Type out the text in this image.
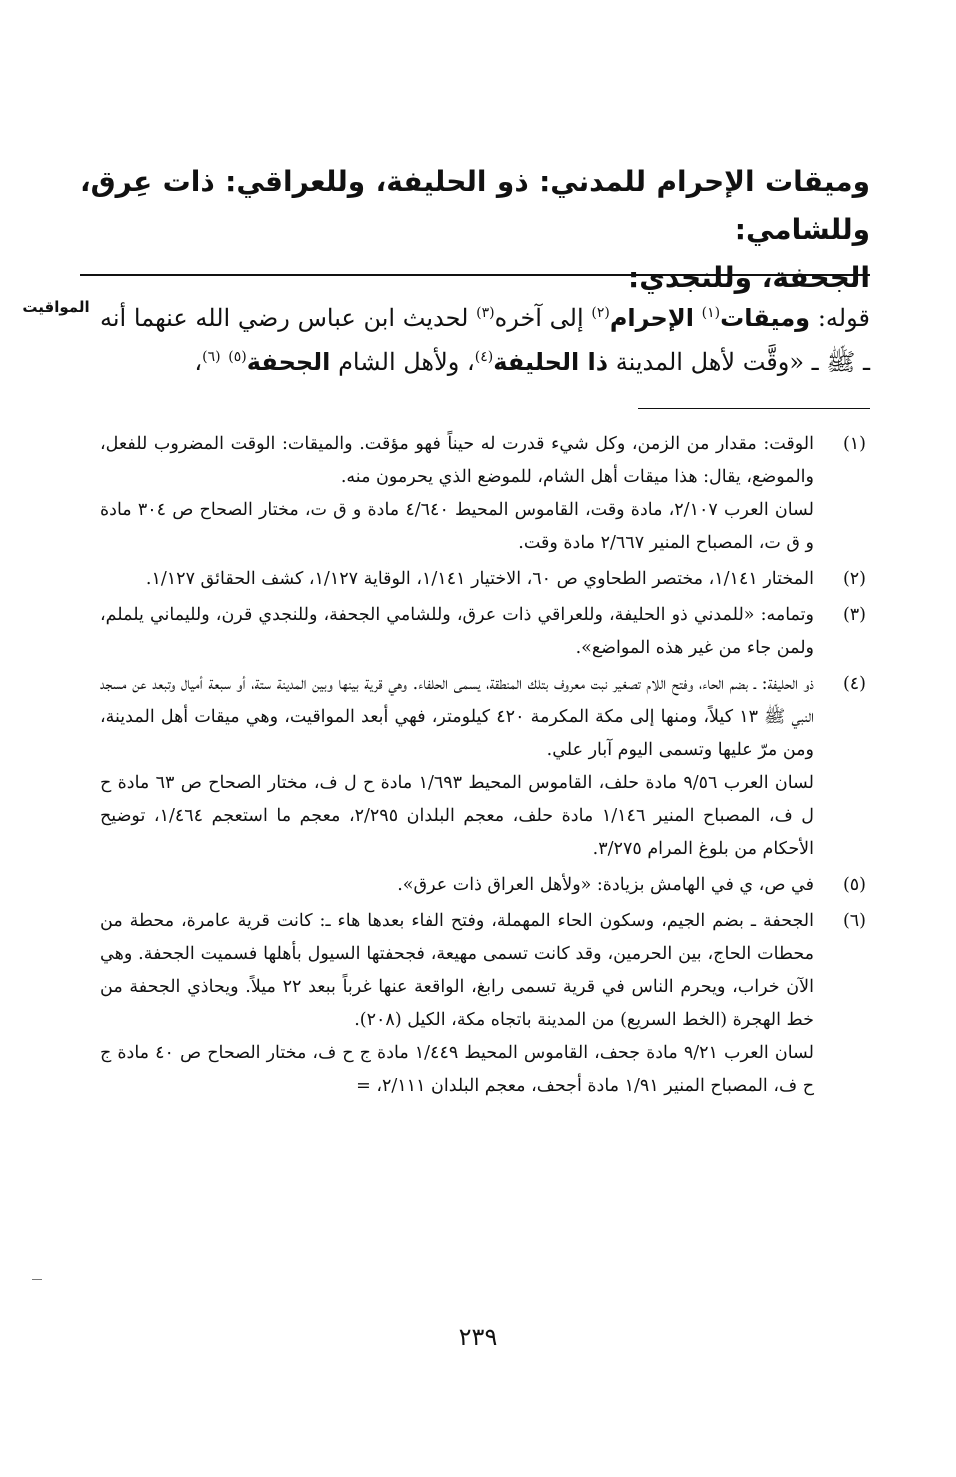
وميقات الإحرام للمدني: ذو الحليفة، وللعراقي: ذات عِرق، وللشامي:
الجحفة، وللنجدي:
المواقيت	قوله: وميقات$^{(١)}$ الإحرام$^{(٢)}$ إلى آخره$^{(٣)}$ لحديث ابن عباس رضي الله عنهما أنه ـ ﷺ ـ «وقَّت لأهل المدينة ذا الحليفة$^{(٤)}$، ولأهل الشام الجحفة$^{(٥)}$ $^{(٦)}$،
(١)
الوقت: مقدار من الزمن، وكل شيء قدرت له حيناً فهو مؤقت. والميقات: الوقت المضروب للفعل، والموضع، يقال: هذا ميقات أهل الشام، للموضع الذي يحرمون منه.
لسان العرب ٢/١٠٧، مادة وقت، القاموس المحيط ٤/٦٤٠ مادة و ق ت، مختار الصحاح ص ٣٠٤ مادة و ق ت، المصباح المنير ٢/٦٦٧ مادة وقت.
(٢)
المختار ١/١٤١، مختصر الطحاوي ص ٦٠، الاختيار ١/١٤١، الوقاية ١/١٢٧، كشف الحقائق ١/١٢٧.
(٣)
وتمامه: «للمدني ذو الحليفة، وللعراقي ذات عرق، وللشامي الجحفة، وللنجدي قرن، ولليماني يلملم، ولمن جاء من غير هذه المواضع».
(٤)
ذو الحليفة: ـ بضم الحاء، وفتح اللام تصغير نبت معروف بتلك المنطقة، يسمى الحلفاء. وهي قرية بينها وبين المدينة ستة، أو سبعة أميال وتبعد عن مسجد النبي ﷺ ١٣ كيلاً، ومنها إلى مكة المكرمة ٤٢٠ كيلومتر، فهي أبعد المواقيت، وهي ميقات أهل المدينة، ومن مرّ عليها وتسمى اليوم آبار علي.
لسان العرب ٩/٥٦ مادة حلف، القاموس المحيط ١/٦٩٣ مادة ح ل ف، مختار الصحاح ص ٦٣ مادة ح ل ف، المصباح المنير ١/١٤٦ مادة حلف، معجم البلدان ٢/٢٩٥، معجم ما استعجم ١/٤٦٤، توضيح الأحكام من بلوغ المرام ٣/٢٧٥.
(٥)
في ص، ي في الهامش بزيادة: «ولأهل العراق ذات عرق».
(٦)
الجحفة ـ بضم الجيم، وسكون الحاء المهملة، وفتح الفاء بعدها هاء ـ: كانت قرية عامرة، محطة من محطات الحاج، بين الحرمين، وقد كانت تسمى مهيعة، فجحفتها السيول بأهلها فسميت الجحفة. وهي الآن خراب، ويحرم الناس في قرية تسمى رابغ، الواقعة عنها غرباً ببعد ٢٢ ميلاً. ويحاذي الجحفة من خط الهجرة (الخط السريع) من المدينة باتجاه مكة، الكيل (٢٠٨).
لسان العرب ٩/٢١ مادة جحف، القاموس المحيط ١/٤٤٩ مادة ج ح ف، مختار الصحاح ص ٤٠ مادة ج ح ف، المصباح المنير ١/٩١ مادة أجحف، معجم البلدان ٢/١١١، =
٢٣٩
